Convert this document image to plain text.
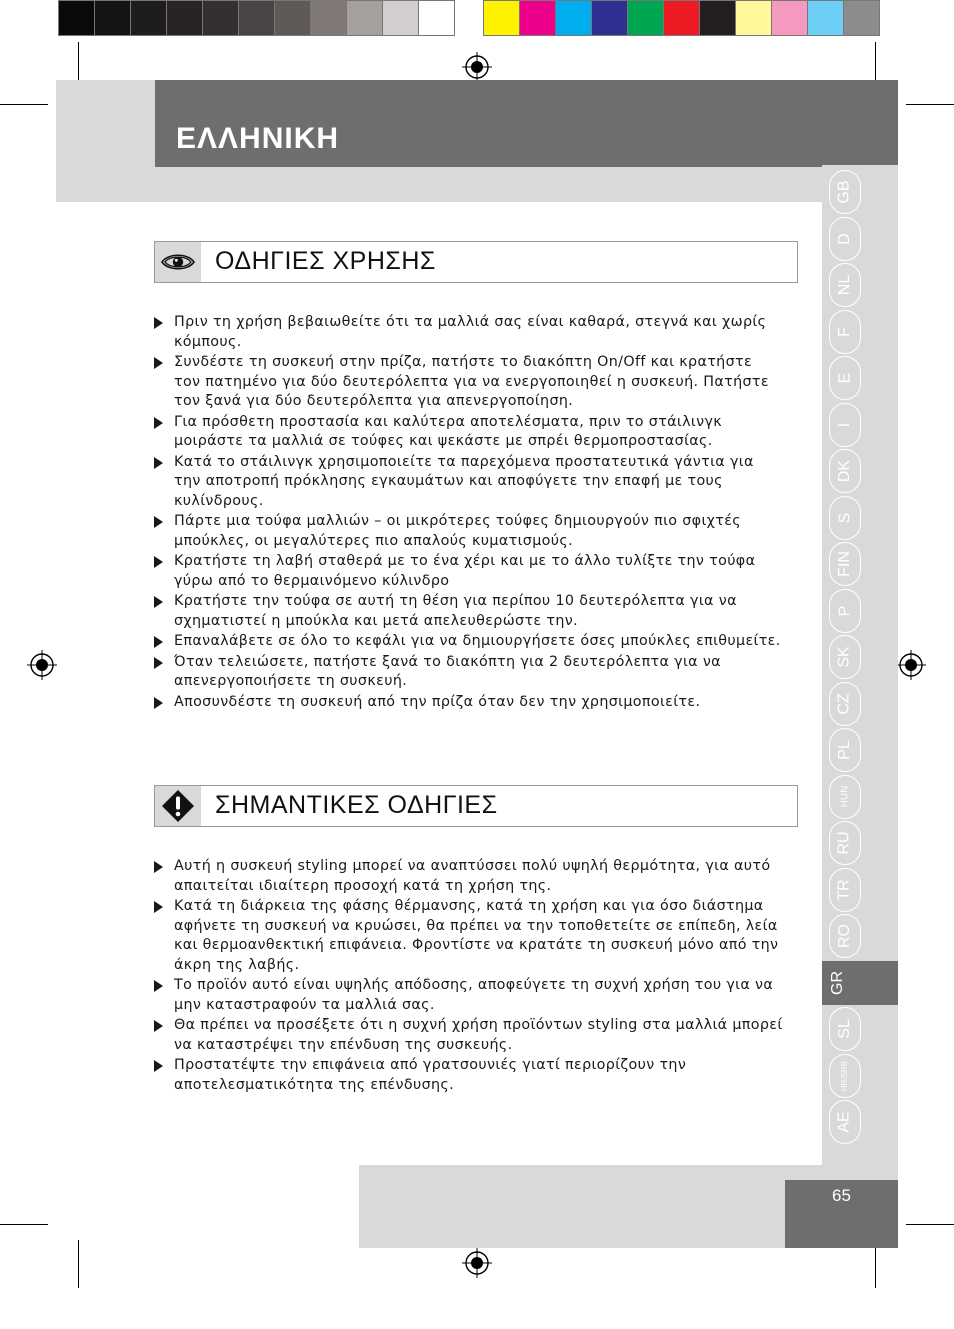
ΕΛΛΗΝΙΚΗ
GB
D
NL
F
E
I
DK
S
FIN
P
SK
CZ
PL
HUN
RU
TR
RO
GR
SL
HR/SRB
AE
ΟΔΗΓΙΕΣ ΧΡΗΣΗΣ
Πριν τη χρήση βεβαιωθείτε ότι τα μαλλιά σας είναι καθαρά, στεγνά και χωρίς κόμπους.
Συνδέστε τη συσκευή στην πρίζα, πατήστε το διακόπτη On/Off και κρατήστε τον πατημένο για δύο δευτερόλεπτα για να ενεργοποιηθεί η συσκευή. Πατήστε τον ξανά για δύο δευτερόλεπτα για απενεργοποίηση.
Για πρόσθετη προστασία και καλύτερα αποτελέσματα, πριν το στάιλινγκ μοιράστε τα μαλλιά σε τούφες και ψεκάστε με σπρέι θερμοπροστασίας.
Κατά το στάιλινγκ χρησιμοποιείτε τα παρεχόμενα προστατευτικά γάντια για την αποτροπή πρόκλησης εγκαυμάτων και αποφύγετε την επαφή με τους κυλίνδρους.
Πάρτε μια τούφα μαλλιών – οι μικρότερες τούφες δημιουργούν πιο σφιχτές μπούκλες, οι μεγαλύτερες πιο απαλούς κυματισμούς.
Κρατήστε τη λαβή σταθερά με το ένα χέρι και με το άλλο τυλίξτε την τούφα γύρω από το θερμαινόμενο κύλινδρο
Κρατήστε την τούφα σε αυτή τη θέση για περίπου 10 δευτερόλεπτα για να σχηματιστεί η μπούκλα και μετά απελευθερώστε την.
Επαναλάβετε σε όλο το κεφάλι για να δημιουργήσετε όσες μπούκλες επιθυμείτε.
Όταν τελειώσετε, πατήστε ξανά το διακόπτη για 2 δευτερόλεπτα για να απενεργοποιήσετε τη συσκευή.
Αποσυνδέστε τη συσκευή από την πρίζα όταν δεν την χρησιμοποιείτε.
ΣΗΜΑΝΤΙΚΕΣ ΟΔΗΓΙΕΣ
Αυτή η συσκευή styling μπορεί να αναπτύσσει πολύ υψηλή θερμότητα, για αυτό απαιτείται ιδιαίτερη προσοχή κατά τη χρήση της.
Κατά τη διάρκεια της φάσης θέρμανσης, κατά τη χρήση και για όσο διάστημα αφήνετε τη συσκευή να κρυώσει, θα πρέπει να την τοποθετείτε σε επίπεδη, λεία και θερμοανθεκτική επιφάνεια. Φροντίστε να κρατάτε τη συσκευή μόνο από την άκρη της λαβής.
Το προϊόν αυτό είναι υψηλής απόδοσης, αποφεύγετε τη συχνή χρήση του για να μην καταστραφούν τα μαλλιά σας.
Θα πρέπει να προσέξετε ότι η συχνή χρήση προϊόντων styling στα μαλλιά μπορεί να καταστρέψει την επένδυση της συσκευής.
Προστατέψτε την επιφάνεια από γρατσουνιές γιατί περιορίζουν την αποτελεσματικότητα της επένδυσης.
65
